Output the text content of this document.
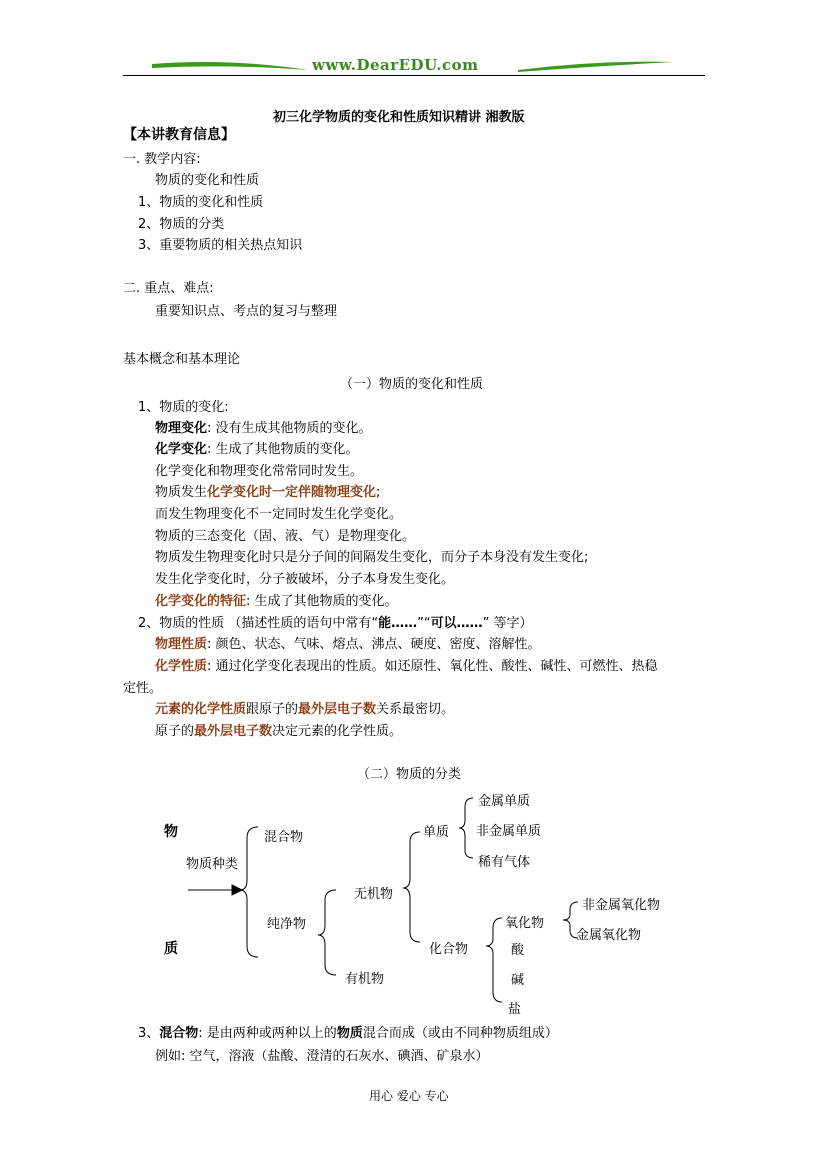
www.DearEDU.com
初三化学物质的变化和性质知识精讲 湘教版
【本讲教育信息】
一. 教学内容:
物质的变化和性质
1、物质的变化和性质
2、物质的分类
3、重要物质的相关热点知识
二. 重点、难点:
重要知识点、考点的复习与整理
基本概念和基本理论
（一）物质的变化和性质
1、物质的变化:
物理变化: 没有生成其他物质的变化。
化学变化: 生成了其他物质的变化。
化学变化和物理变化常常同时发生。
物质发生化学变化时一定伴随物理变化;
而发生物理变化不一定同时发生化学变化。
物质的三态变化（固、液、气）是物理变化。
物质发生物理变化时只是分子间的间隔发生变化，而分子本身没有发生变化;
发生化学变化时，分子被破坏，分子本身发生变化。
化学变化的特征: 生成了其他物质的变化。
2、物质的性质 （描述性质的语句中常有“能……”“可以……” 等字）
物理性质: 颜色、状态、气味、熔点、沸点、硬度、密度、溶解性。
化学性质: 通过化学变化表现出的性质。如还原性、氧化性、酸性、碱性、可燃性、热稳
定性。
元素的化学性质跟原子的最外层电子数关系最密切。
原子的最外层电子数决定元素的化学性质。
（二）物质的分类
物
质
物质种类
混合物
纯净物
无机物
有机物
单质
金属单质
非金属单质
稀有气体
化合物
氧化物
酸
碱
盐
非金属氧化物
金属氧化物
3、混合物: 是由两种或两种以上的物质混合而成（或由不同种物质组成）
例如: 空气，溶液（盐酸、澄清的石灰水、碘酒、矿泉水）
用心 爱心 专心
